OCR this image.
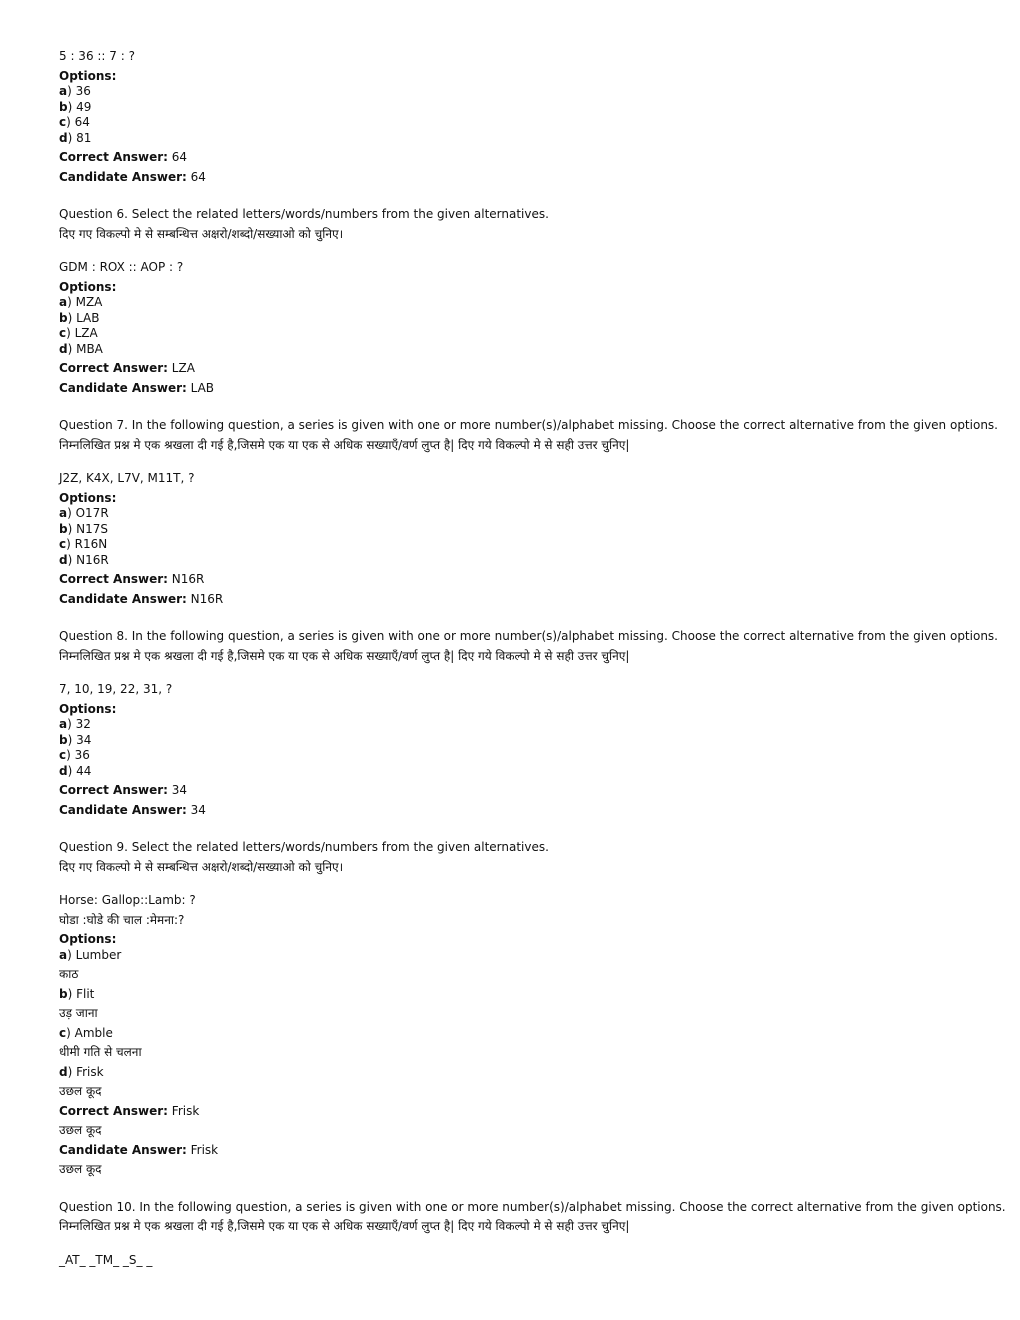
5 : 36 :: 7 : ?
Options:
a) 36
b) 49
c) 64
d) 81
Correct Answer: 64
Candidate Answer: 64
Question 6. Select the related letters/words/numbers from the given alternatives.
दिए गए विकल्पो मे से सम्बन्धित्त अक्षरो/शब्दो/सख्याओ को चुनिए।
GDM : ROX :: AOP : ?
Options:
a) MZA
b) LAB
c) LZA
d) MBA
Correct Answer: LZA
Candidate Answer: LAB
Question 7. In the following question, a series is given with one or more number(s)/alphabet missing. Choose the correct alternative from the given options.
निम्नलिखित प्रश्न मे एक श्रखला दी गई है,जिसमे एक या एक से अधिक सख्याएँ/वर्ण लुप्त है| दिए गये विकल्पो मे से सही उत्तर चुनिए|
J2Z, K4X, L7V, M11T, ?
Options:
a) O17R
b) N17S
c) R16N
d) N16R
Correct Answer: N16R
Candidate Answer: N16R
Question 8. In the following question, a series is given with one or more number(s)/alphabet missing. Choose the correct alternative from the given options.
निम्नलिखित प्रश्न मे एक श्रखला दी गई है,जिसमे एक या एक से अधिक सख्याएँ/वर्ण लुप्त है| दिए गये विकल्पो मे से सही उत्तर चुनिए|
7, 10, 19, 22, 31, ?
Options:
a) 32
b) 34
c) 36
d) 44
Correct Answer: 34
Candidate Answer: 34
Question 9. Select the related letters/words/numbers from the given alternatives.
दिए गए विकल्पो मे से सम्बन्धित्त अक्षरो/शब्दो/सख्याओ को चुनिए।
Horse: Gallop::Lamb: ?
घोडा :घोडे की चाल :मेमना:?
Options:
a) Lumber
काठ
b) Flit
उड़ जाना
c) Amble
धीमी गति से चलना
d) Frisk
उछल कूद
Correct Answer: Frisk
उछल कूद
Candidate Answer: Frisk
उछल कूद
Question 10. In the following question, a series is given with one or more number(s)/alphabet missing. Choose the correct alternative from the given options.
निम्नलिखित प्रश्न मे एक श्रखला दी गई है,जिसमे एक या एक से अधिक सख्याएँ/वर्ण लुप्त है| दिए गये विकल्पो मे से सही उत्तर चुनिए|
_AT_ _TM_ _S_ _
